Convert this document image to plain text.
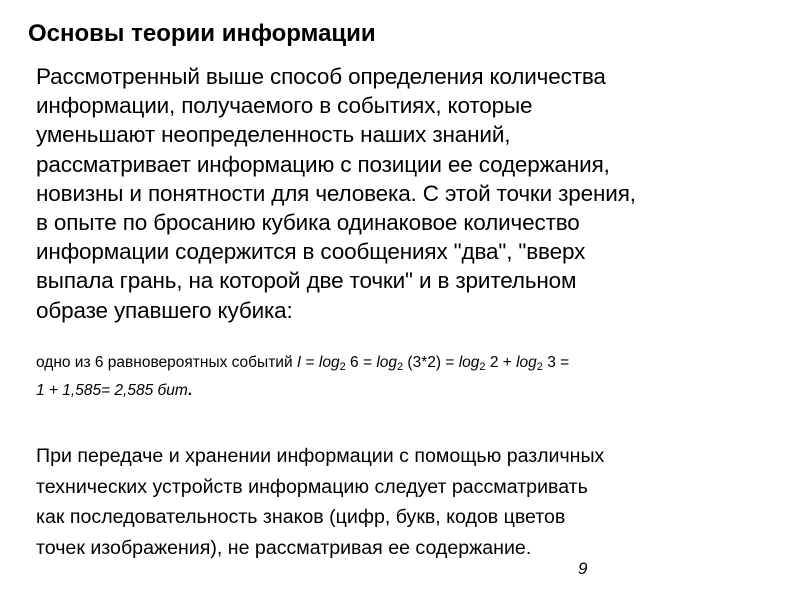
Основы теории информации

Рассмотренный выше способ определения количества
информации, получаемого в событиях, которые
уменьшают неопределенность наших знаний,
рассматривает информацию с позиции ее содержания,
новизны и понятности для человека. С этой точки зрения,
в опыте по бросанию кубика одинаковое количество
информации содержится в сообщениях "два", "вверх
выпала грань, на которой две точки" и в зрительном
образе упавшего кубика:

одно из 6 равновероятных событий $I = \log_2 6 = \log_2 (3*2) = \log_2 2 + \log_2 3$ =
1 + 1,585= 2,585 бит.

При передаче и хранении информации с помощью различных
технических устройств информацию следует рассматривать
как последовательность знаков (цифр, букв, кодов цветов
точек изображения), не рассматривая ее содержание.

9
